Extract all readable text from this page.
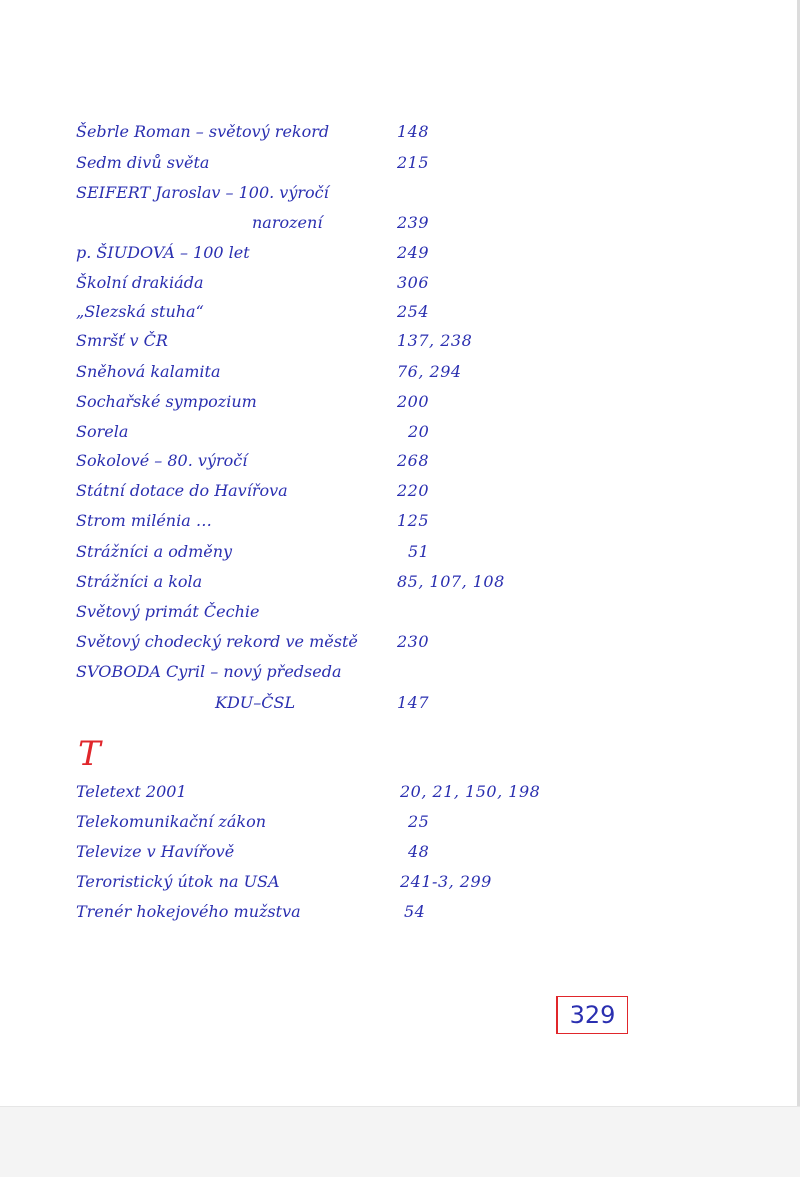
Šebrle Roman – světový rekord	148
Sedm divů světa	215
SEIFERT Jaroslav – 100. výročí
narození	239
p. ŠIUDOVÁ – 100 let	249
Školní drakiáda	306
„Slezská stuha“	254
Smršť v ČR	137, 238
Sněhová kalamita	76, 294
Sochařské sympozium	200
Sorela	20
Sokolové – 80. výročí	268
Státní dotace do Havířova	220
Strom milénia …	125
Strážníci a odměny	51
Strážníci a kola	85, 107, 108
Světový primát Čechie
Světový chodecký rekord ve městě 230
SVOBODA Cyril – nový předseda
KDU–ČSL	147
T
Teletext 2001	20, 21, 150, 198
Telekomunikační zákon	25
Televize v Havířově	48
Teroristický útok na USA	241-3, 299
Trenér hokejového mužstva	54
329
